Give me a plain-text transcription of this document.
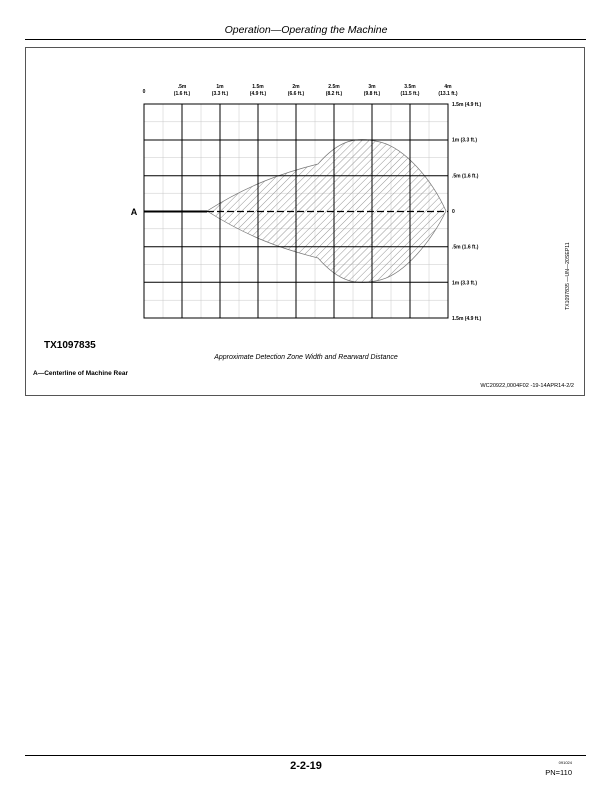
Operation—Operating the Machine
0
.5m
(1.6 ft.)
1m
(3.3 ft.)
1.5m
(4.9 ft.)
2m
(6.6 ft.)
2.5m
(8.2 ft.)
3m
(9.8 ft.)
3.5m
(11.5 ft.)
4m
(13.1 ft.)
1.5m (4.9 ft.)
1m (3.3 ft.)
.5m (1.6 ft.)
0
.5m (1.6 ft.)
1m (3.3 ft.)
1.5m (4.9 ft.)
A
TX1097835 —UN—20SEP11
TX1097835
Approximate Detection Zone Width and Rearward Distance
A—Centerline of Machine Rear
WC20922,0004F02 -19-14APR14-2/2
2-2-19	091024
PN=110
